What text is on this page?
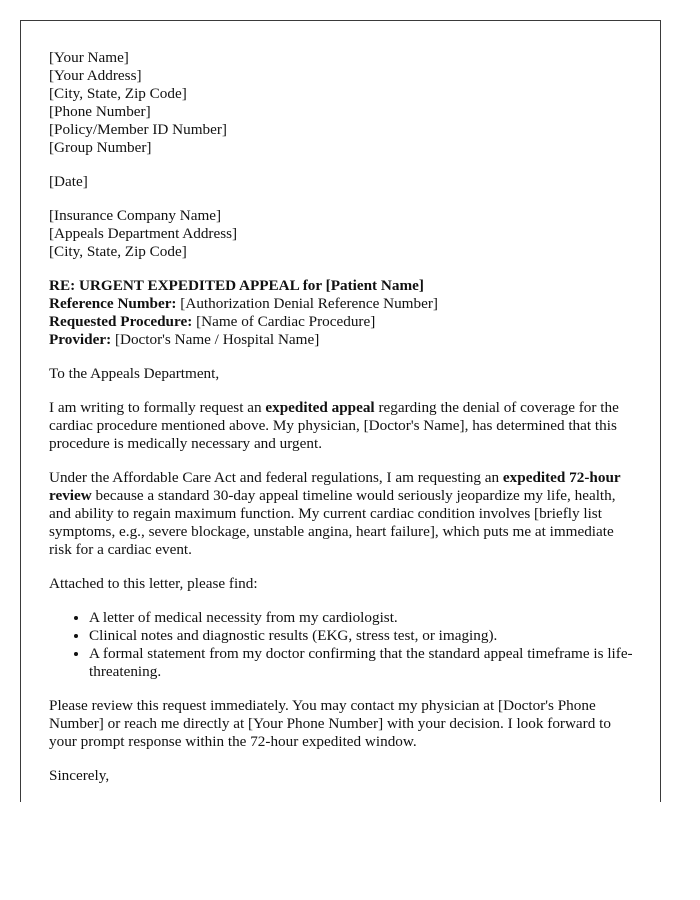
[Your Name]
[Your Address]
[City, State, Zip Code]
[Phone Number]
[Policy/Member ID Number]
[Group Number]
[Date]
[Insurance Company Name]
[Appeals Department Address]
[City, State, Zip Code]
RE: URGENT EXPEDITED APPEAL for [Patient Name]
Reference Number: [Authorization Denial Reference Number]
Requested Procedure: [Name of Cardiac Procedure]
Provider: [Doctor's Name / Hospital Name]

To the Appeals Department,

I am writing to formally request an expedited appeal regarding the denial of coverage for the cardiac procedure mentioned above. My physician, [Doctor's Name], has determined that this procedure is medically necessary and urgent.

Under the Affordable Care Act and federal regulations, I am requesting an expedited 72-hour review because a standard 30-day appeal timeline would seriously jeopardize my life, health, and ability to regain maximum function. My current cardiac condition involves [briefly list symptoms, e.g., severe blockage, unstable angina, heart failure], which puts me at immediate risk for a cardiac event.

Attached to this letter, please find:

• A letter of medical necessity from my cardiologist.
• Clinical notes and diagnostic results (EKG, stress test, or imaging).
• A formal statement from my doctor confirming that the standard appeal timeframe is life-threatening.

Please review this request immediately. You may contact my physician at [Doctor's Phone Number] or reach me directly at [Your Phone Number] with your decision. I look forward to your prompt response within the 72-hour expedited window.

Sincerely,
